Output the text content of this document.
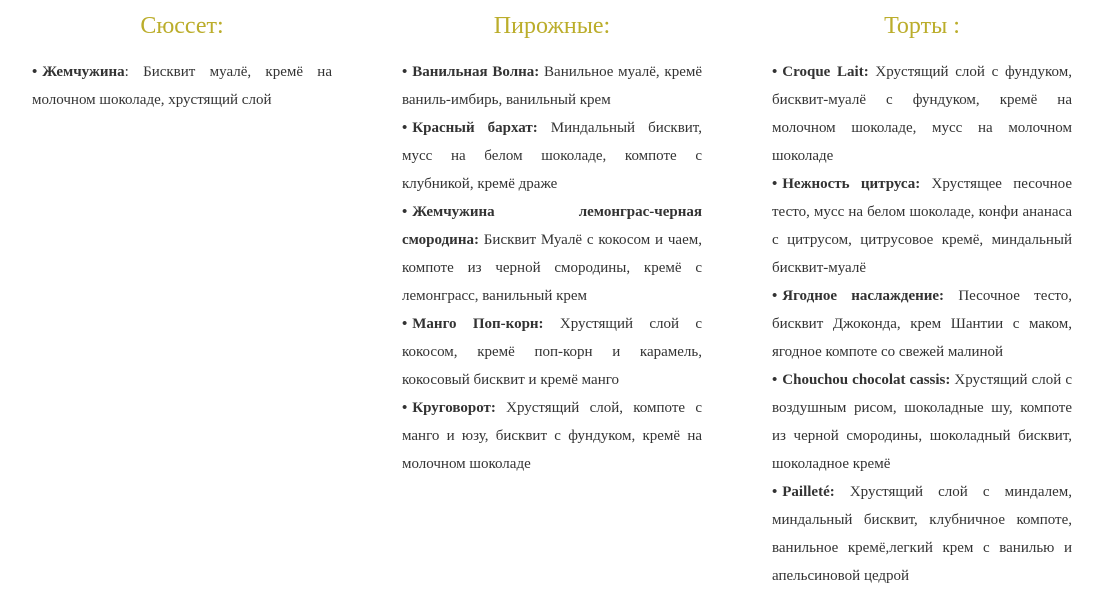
Сюссет:
• Жемчужина: Бисквит муалё, кремё на молочном шоколаде, хрустящий слой
Пирожные:
• Ванильная Волна: Ванильное муалё, кремё ваниль-имбирь, ванильный крем
• Красный бархат: Миндальный бисквит, мусс на белом шоколаде, компоте с клубникой, кремё драже
• Жемчужина лемонграс-черная смородина: Бисквит Муалё с кокосом и чаем, компоте из черной смородины, кремё с лемонграсс, ванильный крем
• Манго Поп-корн: Хрустящий слой с кокосом, кремё поп-корн и карамель, кокосовый бисквит и кремё манго
• Круговорот: Хрустящий слой, компоте с манго и юзу, бисквит с фундуком, кремё на молочном шоколаде
Торты :
• Croque Lait: Хрустящий слой с фундуком, бисквит-муалё с фундуком, кремё на молочном шоколаде, мусс на молочном шоколаде
• Нежность цитруса: Хрустящее песочное тесто, мусс на белом шоколаде, конфи ананаса с цитрусом, цитрусовое кремё, миндальный бисквит-муалё
• Ягодное наслаждение: Песочное тесто, бисквит Джоконда, крем Шантии с маком, ягодное компоте со свежей малиной
• Chouchou chocolat cassis: Хрустящий слой с воздушным рисом, шоколадные шу, компоте из черной смородины, шоколадный бисквит, шоколадное кремё
• Pailleté: Хрустящий слой с миндалем, миндальный бисквит, клубничное компоте, ванильное кремё,легкий крем с ванилью и апельсиновой цедрой
